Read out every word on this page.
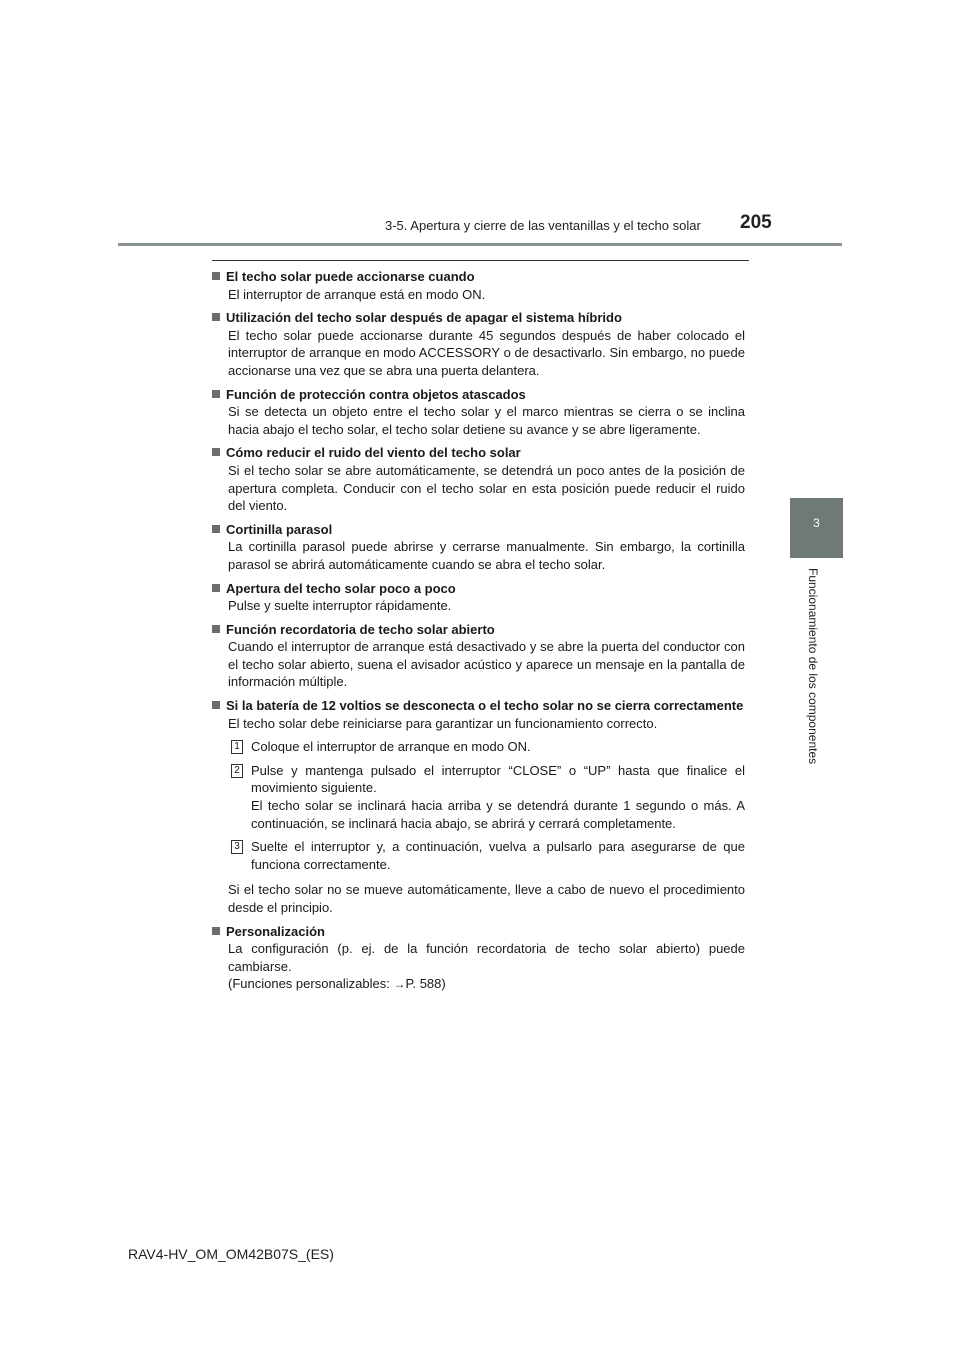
3-5. Apertura y cierre de las ventanillas y el techo solar 205
3
Funcionamiento de los componentes
El techo solar puede accionarse cuando
El interruptor de arranque está en modo ON.
Utilización del techo solar después de apagar el sistema híbrido
El techo solar puede accionarse durante 45 segundos después de haber colocado el interruptor de arranque en modo ACCESSORY o de desactivarlo. Sin embargo, no puede accionarse una vez que se abra una puerta delantera.
Función de protección contra objetos atascados
Si se detecta un objeto entre el techo solar y el marco mientras se cierra o se inclina hacia abajo el techo solar, el techo solar detiene su avance y se abre ligeramente.
Cómo reducir el ruido del viento del techo solar
Si el techo solar se abre automáticamente, se detendrá un poco antes de la posición de apertura completa. Conducir con el techo solar en esta posición puede reducir el ruido del viento.
Cortinilla parasol
La cortinilla parasol puede abrirse y cerrarse manualmente. Sin embargo, la cortinilla parasol se abrirá automáticamente cuando se abra el techo solar.
Apertura del techo solar poco a poco
Pulse y suelte interruptor rápidamente.
Función recordatoria de techo solar abierto
Cuando el interruptor de arranque está desactivado y se abre la puerta del conductor con el techo solar abierto, suena el avisador acústico y aparece un mensaje en la pantalla de información múltiple.
Si la batería de 12 voltios se desconecta o el techo solar no se cierra correctamente
El techo solar debe reiniciarse para garantizar un funcionamiento correcto.
1 Coloque el interruptor de arranque en modo ON.
2 Pulse y mantenga pulsado el interruptor “CLOSE” o “UP” hasta que finalice el movimiento siguiente.
El techo solar se inclinará hacia arriba y se detendrá durante 1 segundo o más. A continuación, se inclinará hacia abajo, se abrirá y cerrará completamente.
3 Suelte el interruptor y, a continuación, vuelva a pulsarlo para asegurarse de que funciona correctamente.
Si el techo solar no se mueve automáticamente, lleve a cabo de nuevo el procedimiento desde el principio.
Personalización
La configuración (p. ej. de la función recordatoria de techo solar abierto) puede cambiarse.
(Funciones personalizables: →P. 588)
RAV4-HV_OM_OM42B07S_(ES)
